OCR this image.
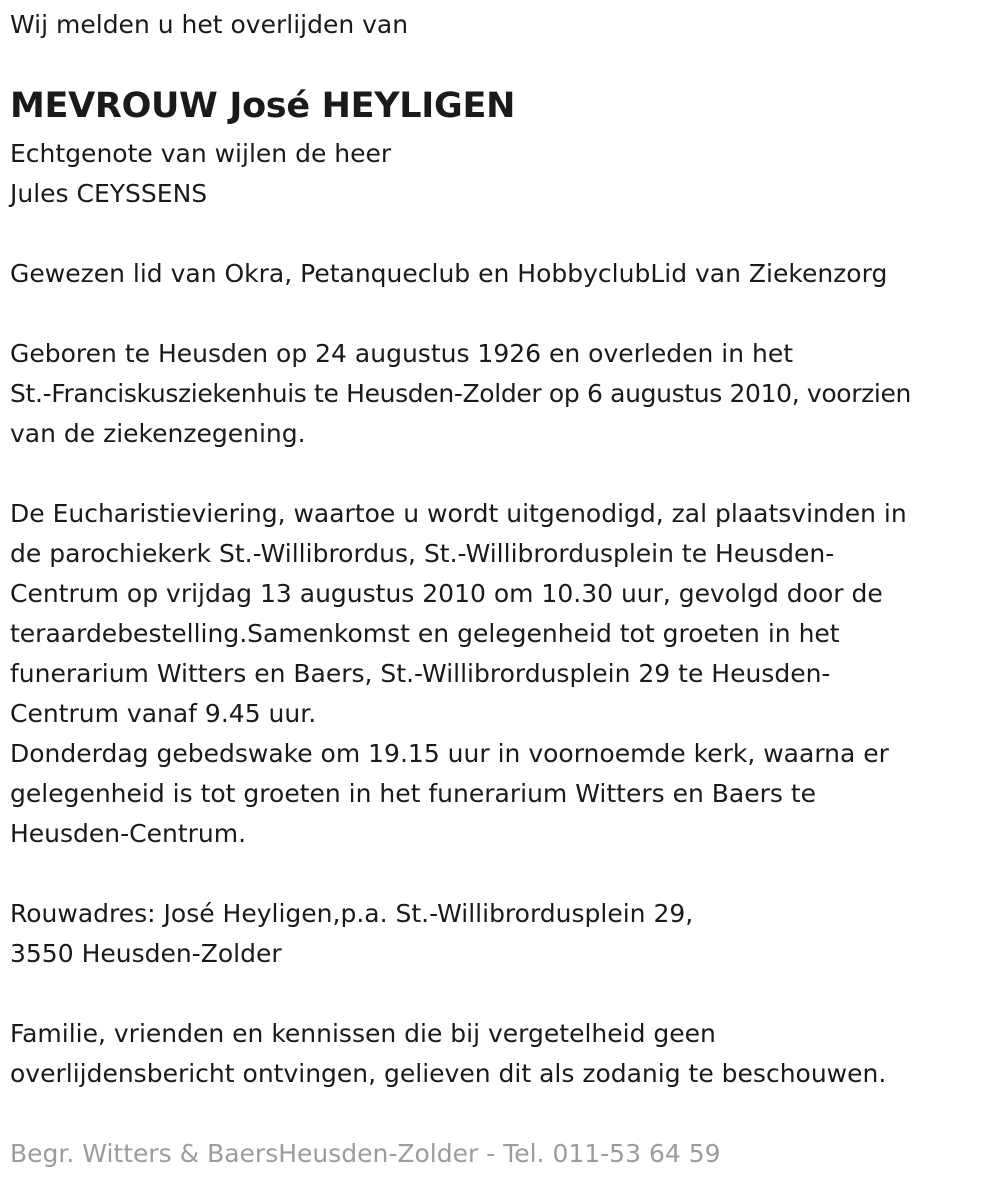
Wij melden u het overlijden van

MEVROUW José HEYLIGEN

Echtgenote van wijlen de heer

Jules CEYSSENS

Gewezen lid van Okra, Petanqueclub en HobbyclubLid van Ziekenzorg

Geboren te Heusden op 24 augustus 1926 en overleden in het

St.-Franciskusziekenhuis te Heusden-Zolder op 6 augustus 2010, voorzien

van de ziekenzegening.

De Eucharistieviering, waartoe u wordt uitgenodigd, zal plaatsvinden in

de parochiekerk St.-Willibrordus, St.-Willibrordusplein te Heusden-

Centrum op vrijdag 13 augustus 2010 om 10.30 uur, gevolgd door de

teraardebestelling.Samenkomst en gelegenheid tot groeten in het

funerarium Witters en Baers, St.-Willibrordusplein 29 te Heusden-

Centrum vanaf 9.45 uur.

Donderdag gebedswake om 19.15 uur in voornoemde kerk, waarna er

gelegenheid is tot groeten in het funerarium Witters en Baers te

Heusden-Centrum.

Rouwadres: José Heyligen,p.a. St.-Willibrordusplein 29,

3550 Heusden-Zolder

Familie, vrienden en kennissen die bij vergetelheid geen

overlijdensbericht ontvingen, gelieven dit als zodanig te beschouwen.

Begr. Witters & BaersHeusden-Zolder - Tel. 011-53 64 59
